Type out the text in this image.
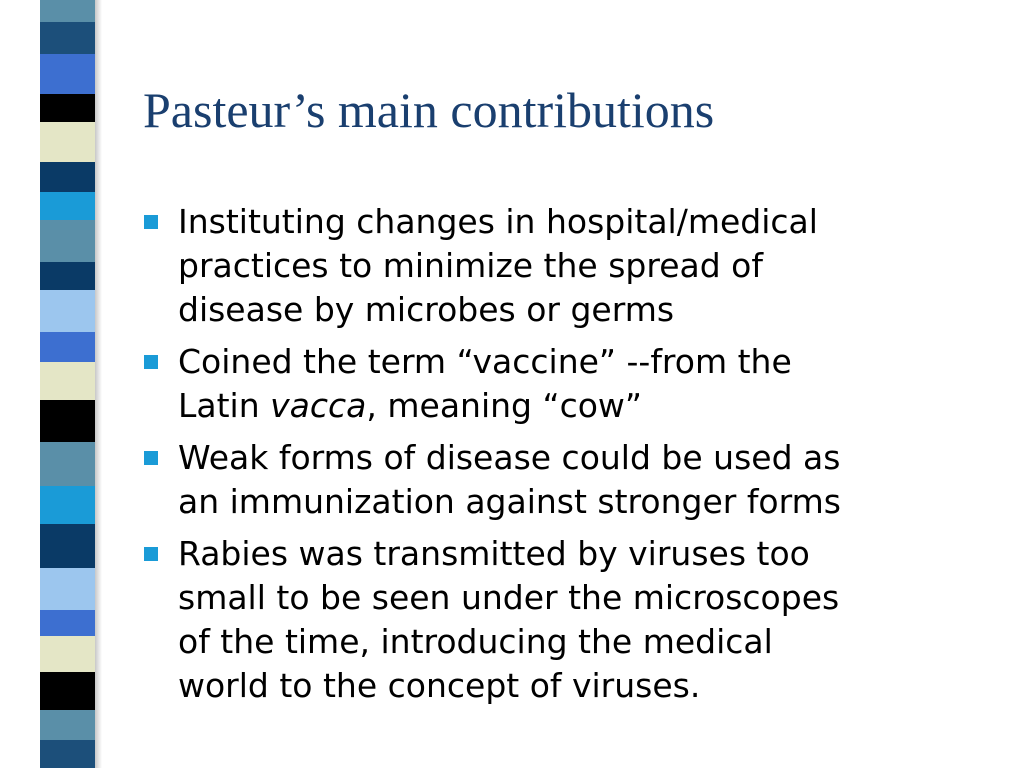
Pasteur’s main contributions
Instituting changes in hospital/medical
practices to minimize the spread of
disease by microbes or germs
Coined the term “vaccine” --from the
Latin vacca, meaning “cow”
Weak forms of disease could be used as
an immunization against stronger forms
Rabies was transmitted by viruses too
small to be seen under the microscopes
of the time, introducing the medical
world to the concept of viruses.
